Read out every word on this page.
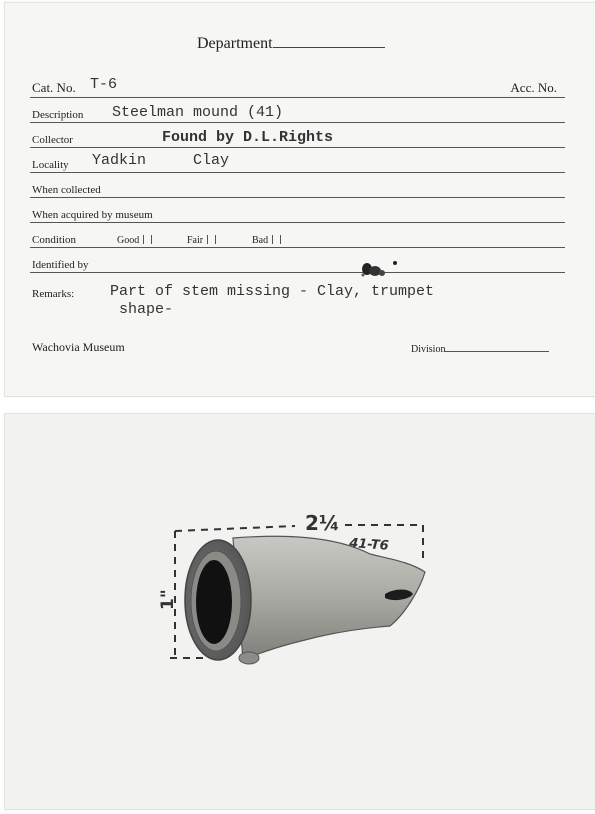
Department
Cat. No. T-6	Acc. No.
Description Steelman mound (41)
Collector	Found by D.L.Rights
Locality Yadkin	Clay
When collected
When acquired by museum
Condition	Good	Fair	Bad
Identified by
Remarks: Part of stem missing - Clay, trumpet
shape-
Wachovia Museum	Division
2¼
41-T6
1"
